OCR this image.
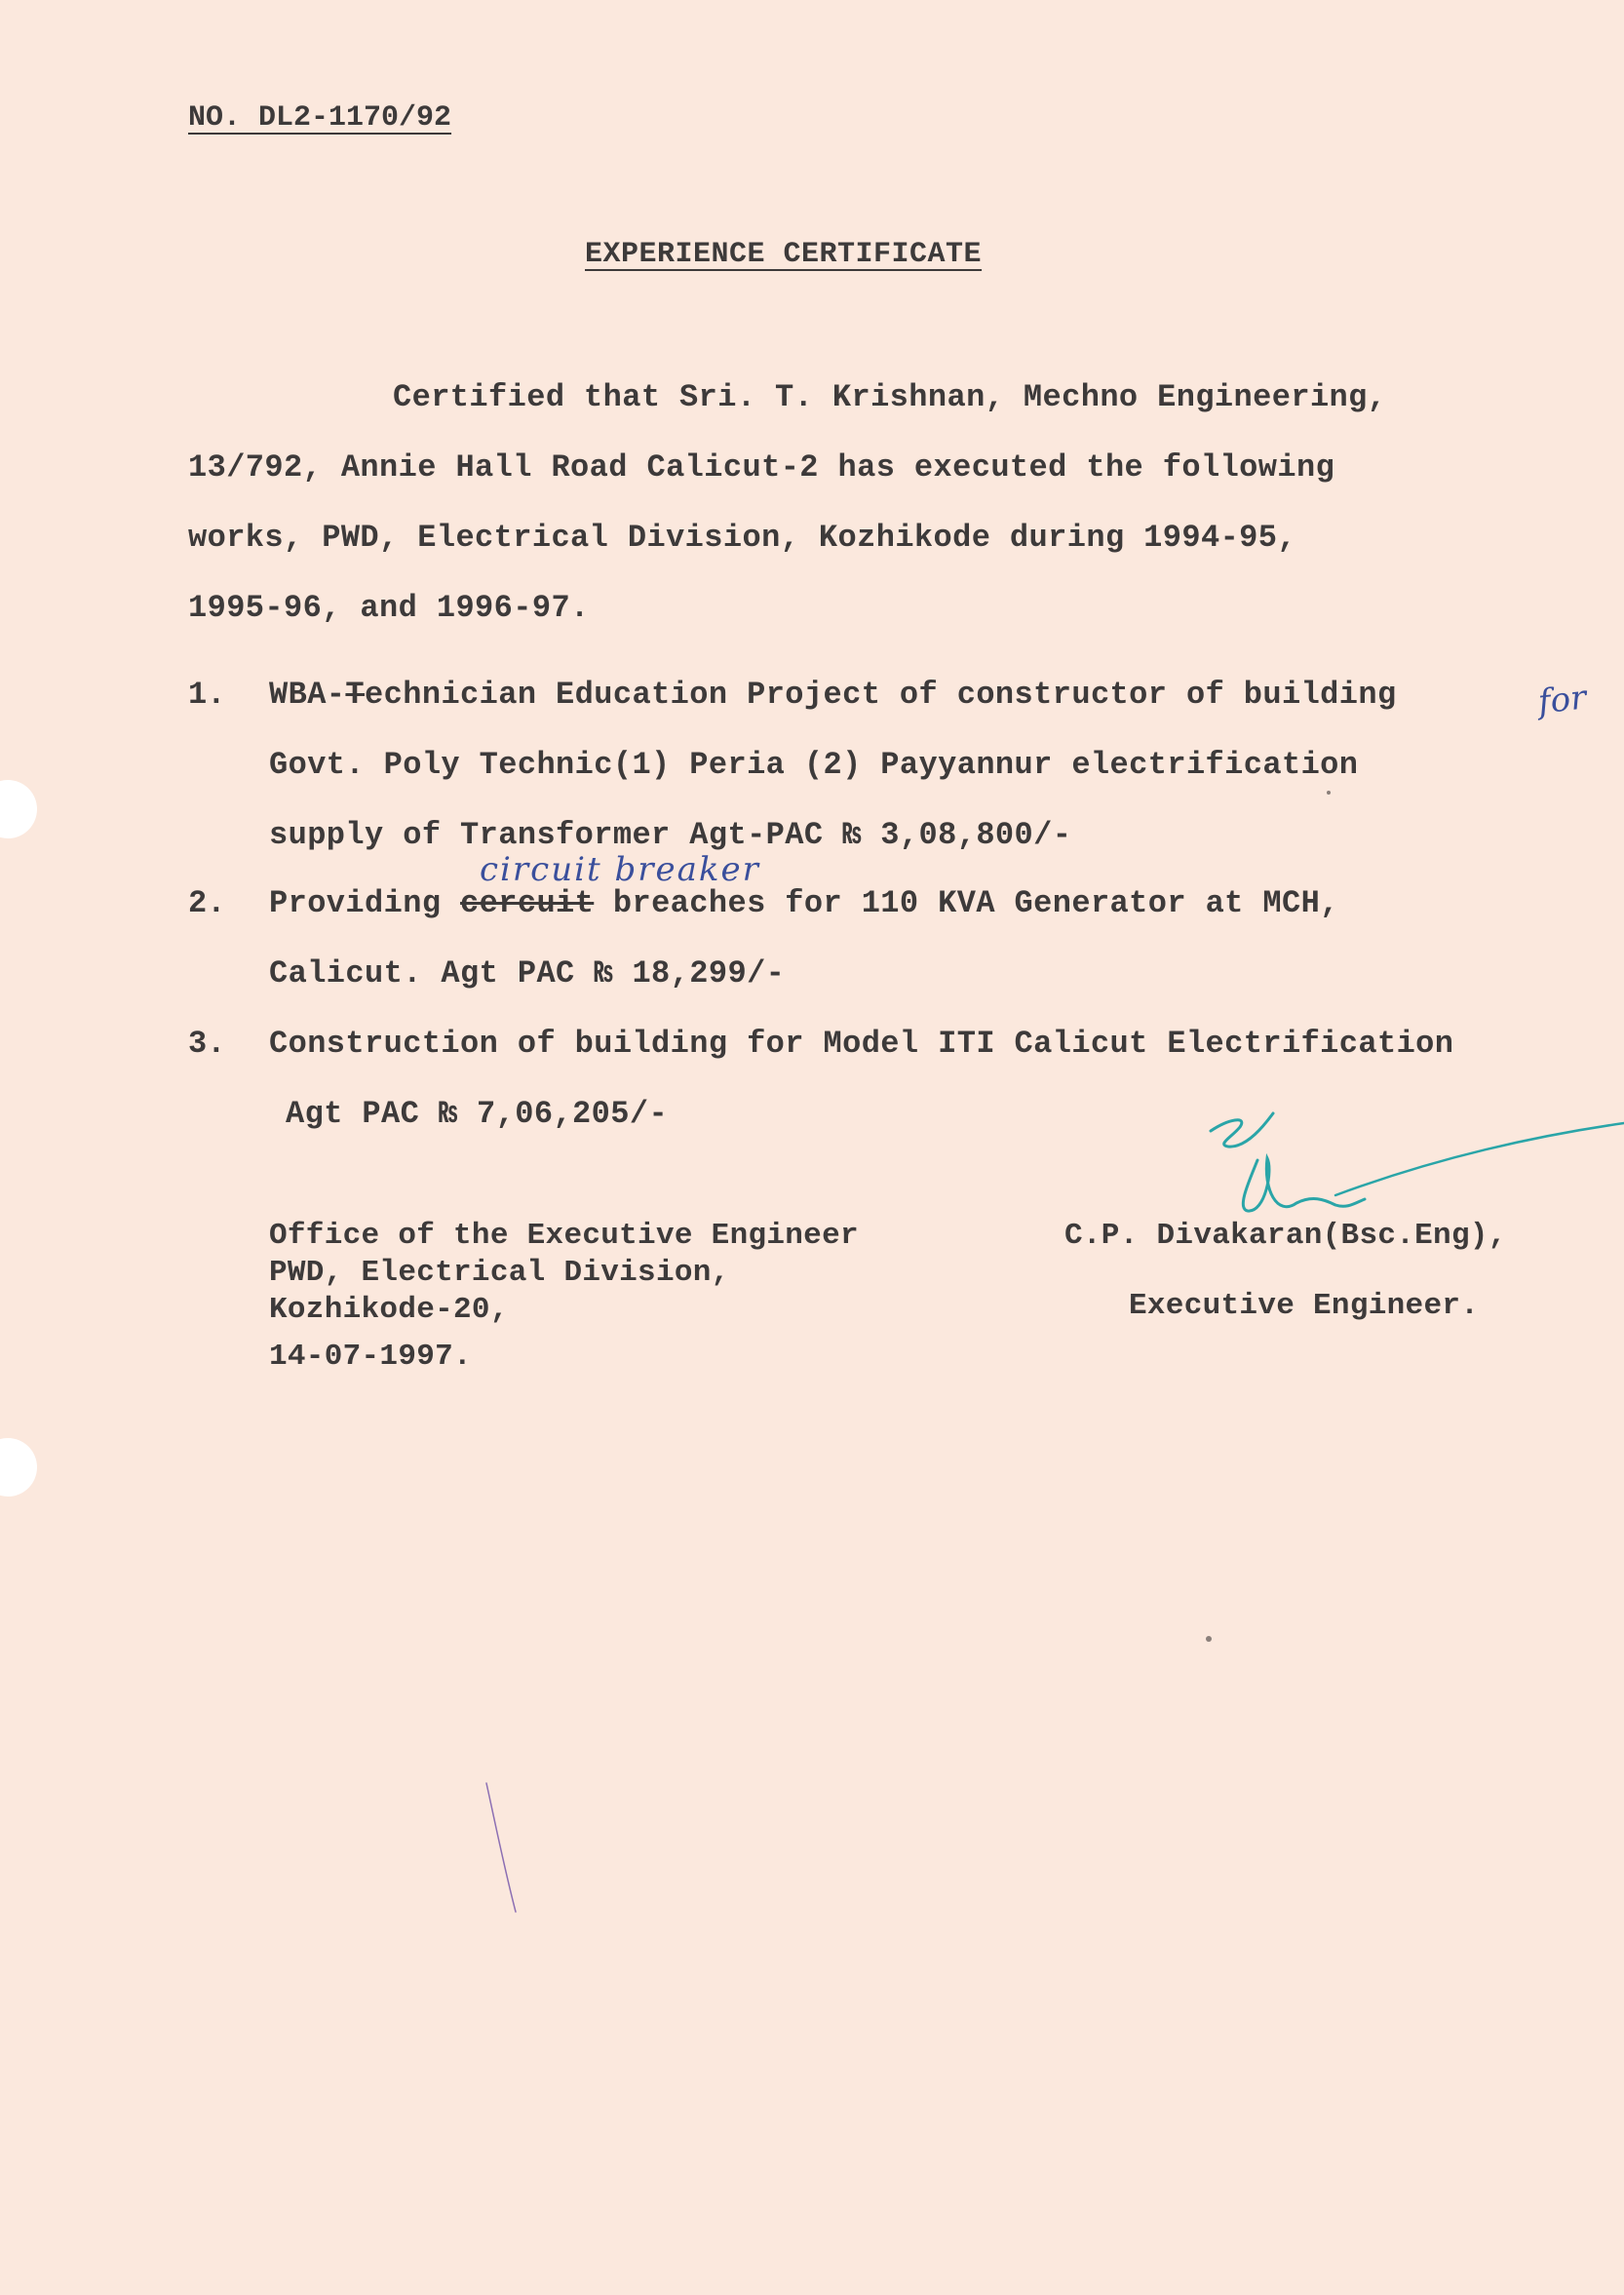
NO. DL2-1170/92
EXPERIENCE CERTIFICATE
Certified that Sri. T. Krishnan, Mechno Engineering,
13/792, Annie Hall Road Calicut-2 has executed the following
works, PWD, Electrical Division, Kozhikode during 1994-95,
1995-96, and 1996-97.
1. WBA-Technician Education Project of constructor of building	for
Govt. Poly Technic(1) Peria (2) Payyannur electrification
supply of Transformer Agt-PAC ₨ 3,08,800/-
circuit breaker
2. Providing cercuit breaches for 110 KVA Generator at MCH,
Calicut. Agt PAC ₨ 18,299/-
3. Construction of building for Model ITI Calicut Electrification
Agt PAC ₨ 7,06,205/-
Office of the Executive Engineer
PWD, Electrical Division,
Kozhikode-20,
14-07-1997.
C.P. Divakaran(Bsc.Eng),
Executive Engineer.
